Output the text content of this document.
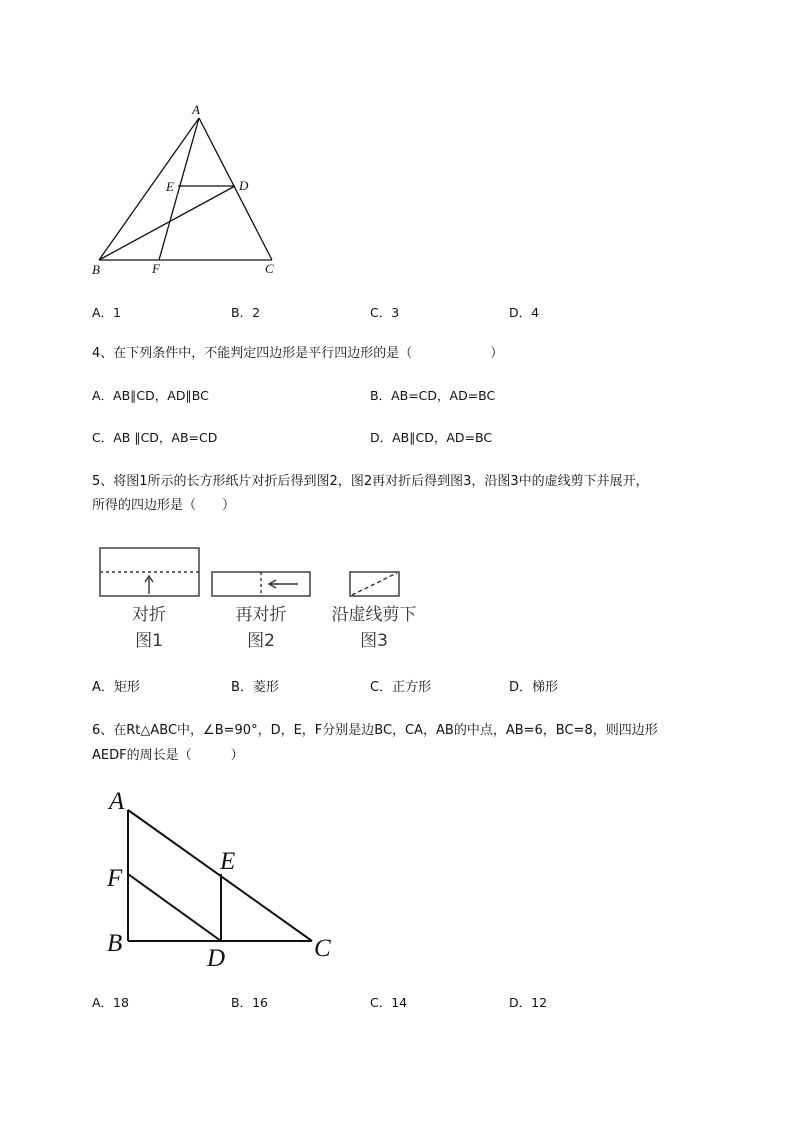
A
E	D
B	F	C
A．1	B．2	C．3	D．4
4、在下列条件中，不能判定四边形是平行四边形的是（　　　　　　）
A．AB∥CD，AD∥BC	B．AB=CD，AD=BC
C．AB ∥CD，AB=CD	D．AB∥CD，AD=BC
5、将图1所示的长方形纸片对折后得到图2，图2再对折后得到图3，沿图3中的虚线剪下并展开，
所得的四边形是（　　）
对折
图1
再对折
图2
沿虚线剪下
图3
A．矩形	B．菱形	C．正方形	D．梯形
6、在Rt△ABC中，∠B=90°，D，E，F分别是边BC，CA，AB的中点，AB=6，BC=8，则四边形
AEDF的周长是（　　　）
A
F
B
E
D	C
A．18	B．16	C．14	D．12
